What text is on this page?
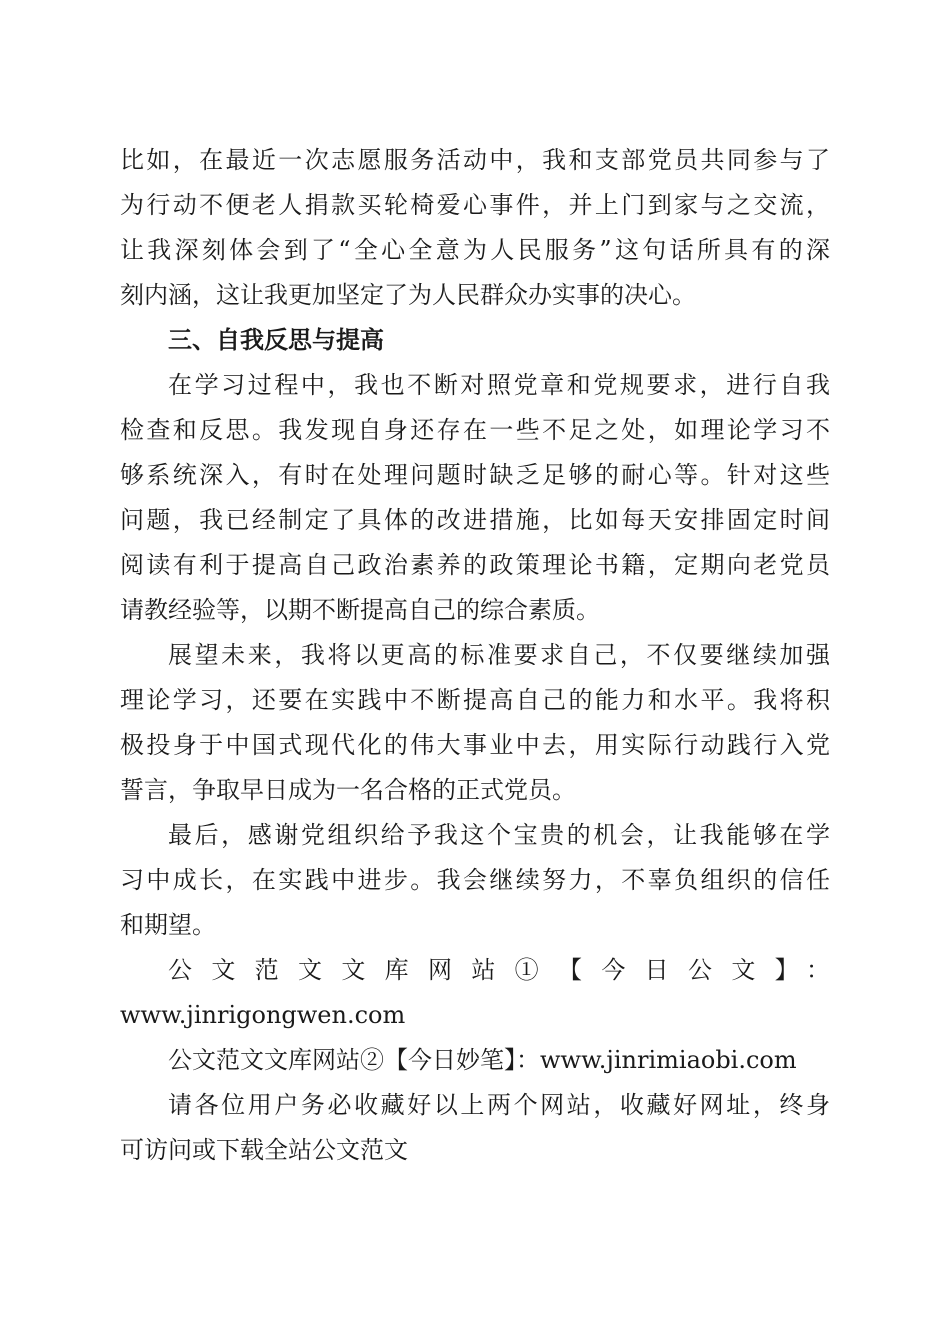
比如，在最近一次志愿服务活动中，我和支部党员共同参与了
为行动不便老人捐款买轮椅爱心事件，并上门到家与之交流，
让我深刻体会到了“全心全意为人民服务”这句话所具有的深
刻内涵，这让我更加坚定了为人民群众办实事的决心。
三、自我反思与提高
在学习过程中，我也不断对照党章和党规要求，进行自我
检查和反思。我发现自身还存在一些不足之处，如理论学习不
够系统深入，有时在处理问题时缺乏足够的耐心等。针对这些
问题，我已经制定了具体的改进措施，比如每天安排固定时间
阅读有利于提高自己政治素养的政策理论书籍，定期向老党员
请教经验等，以期不断提高自己的综合素质。
展望未来，我将以更高的标准要求自己，不仅要继续加强
理论学习，还要在实践中不断提高自己的能力和水平。我将积
极投身于中国式现代化的伟大事业中去，用实际行动践行入党
誓言，争取早日成为一名合格的正式党员。
最后，感谢党组织给予我这个宝贵的机会，让我能够在学
习中成长，在实践中进步。我会继续努力，不辜负组织的信任
和期望。
公文范文文库网站①【今日公文】：
www.jinrigongwen.com
公文范文文库网站②【今日妙笔】：www.jinrimiaobi.com
请各位用户务必收藏好以上两个网站，收藏好网址，终身
可访问或下载全站公文范文
